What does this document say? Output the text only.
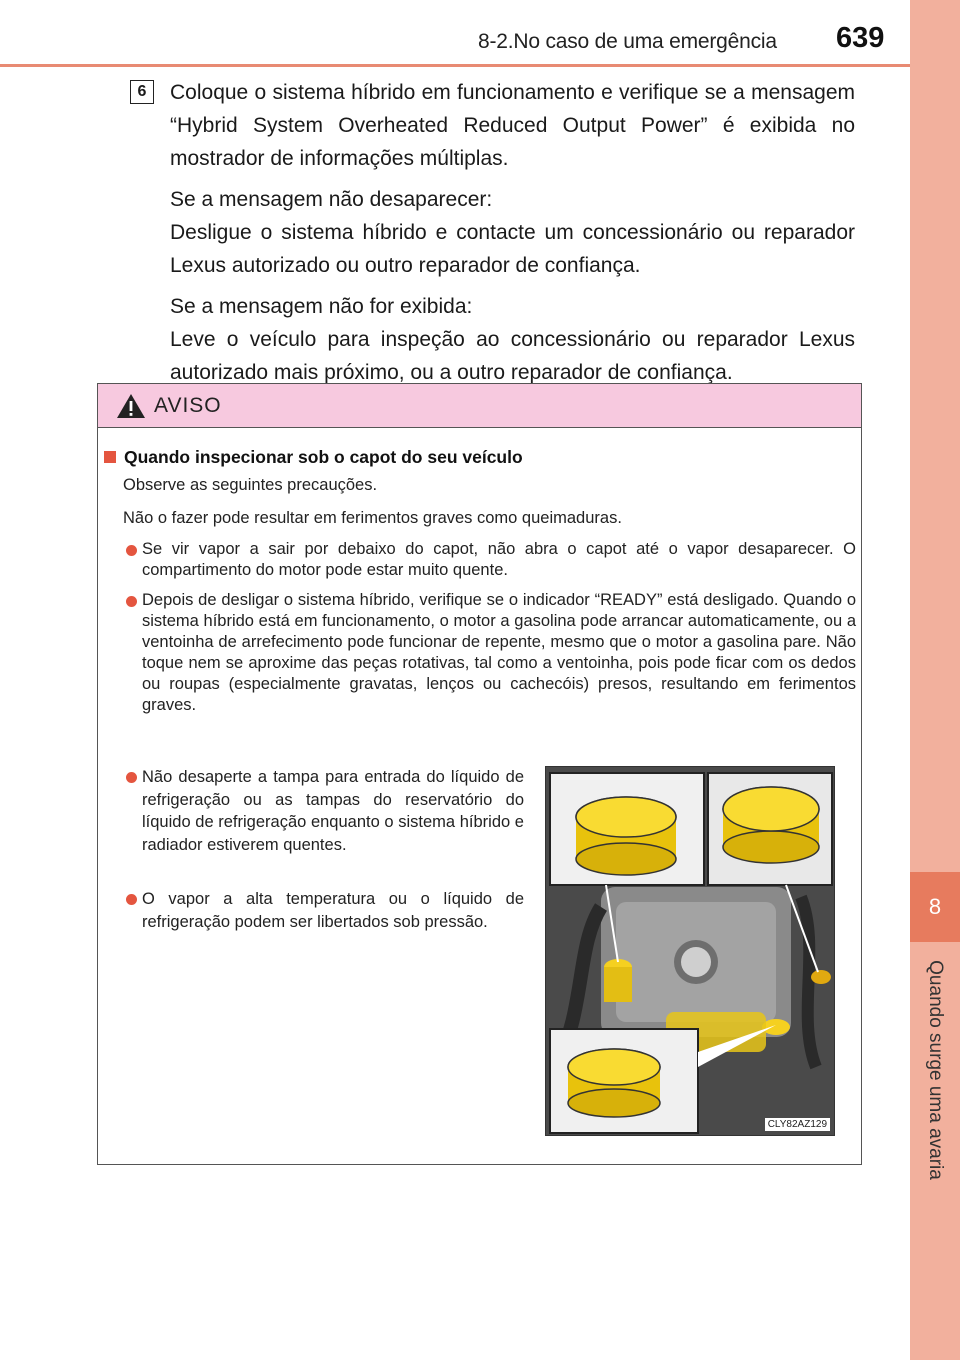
8-2.No caso de uma emergência 639
8
Quando surge uma avaria
6	Coloque o sistema híbrido em funcionamento e verifique se a mensagem “Hybrid System Overheated Reduced Output Power” é exibida no mostrador de informações múltiplas.

Se a mensagem não desaparecer:

Desligue o sistema híbrido e contacte um concessionário ou reparador Lexus autorizado ou outro reparador de confiança.

Se a mensagem não for exibida:

Leve o veículo para inspeção ao concessionário ou reparador Lexus autorizado mais próximo, ou a outro reparador de confiança.

AVISO
Quando inspecionar sob o capot do seu veículo
Observe as seguintes precauções.
Não o fazer pode resultar em ferimentos graves como queimaduras.
Se vir vapor a sair por debaixo do capot, não abra o capot até o vapor desaparecer. O compartimento do motor pode estar muito quente.
Depois de desligar o sistema híbrido, verifique se o indicador “READY” está desligado. Quando o sistema híbrido está em funcionamento, o motor a gasolina pode arrancar automaticamente, ou a ventoinha de arrefecimento pode funcionar de repente, mesmo que o motor a gasolina pare. Não toque nem se aproxime das peças rotativas, tal como a ventoinha, pois pode ficar com os dedos ou roupas (especialmente gravatas, lenços ou cachecóis) presos, resultando em ferimentos graves.
Não desaperte a tampa para entrada do líquido de refrigeração ou as tampas do reservatório do líquido de refrigeração enquanto o sistema híbrido e radiador estiverem quentes.
O vapor a alta temperatura ou o líquido de refrigeração podem ser libertados sob pressão.
CLY82AZ129
